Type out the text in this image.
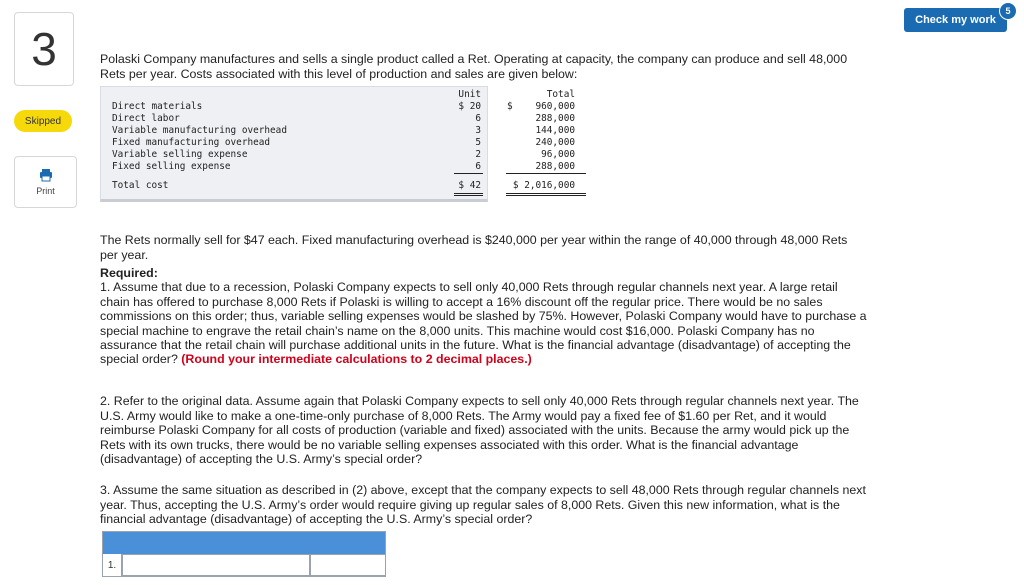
3
Skipped
Print
Check my work
5

Polaski Company manufactures and sells a single product called a Ret. Operating at capacity, the company can produce and sell 48,000 Rets per year. Costs associated with this level of production and sales are given below:

Unit	Total
Direct materials	$ 20	$	960,000
Direct labor	6	288,000
Variable manufacturing overhead	3	144,000
Fixed manufacturing overhead	5	240,000
Variable selling expense	2	96,000
Fixed selling expense	6	288,000
Total cost	$ 42	$ 2,016,000

The Rets normally sell for $47 each. Fixed manufacturing overhead is $240,000 per year within the range of 40,000 through 48,000 Rets per year.

Required:
1. Assume that due to a recession, Polaski Company expects to sell only 40,000 Rets through regular channels next year. A large retail chain has offered to purchase 8,000 Rets if Polaski is willing to accept a 16% discount off the regular price. There would be no sales commissions on this order; thus, variable selling expenses would be slashed by 75%. However, Polaski Company would have to purchase a special machine to engrave the retail chain’s name on the 8,000 units. This machine would cost $16,000. Polaski Company has no assurance that the retail chain will purchase additional units in the future. What is the financial advantage (disadvantage) of accepting the special order? (Round your intermediate calculations to 2 decimal places.)

2. Refer to the original data. Assume again that Polaski Company expects to sell only 40,000 Rets through regular channels next year. The U.S. Army would like to make a one-time-only purchase of 8,000 Rets. The Army would pay a fixed fee of $1.60 per Ret, and it would reimburse Polaski Company for all costs of production (variable and fixed) associated with the units. Because the army would pick up the Rets with its own trucks, there would be no variable selling expenses associated with this order. What is the financial advantage (disadvantage) of accepting the U.S. Army’s special order?

3. Assume the same situation as described in (2) above, except that the company expects to sell 48,000 Rets through regular channels next year. Thus, accepting the U.S. Army’s order would require giving up regular sales of 8,000 Rets. Given this new information, what is the financial advantage (disadvantage) of accepting the U.S. Army’s special order?

1.
